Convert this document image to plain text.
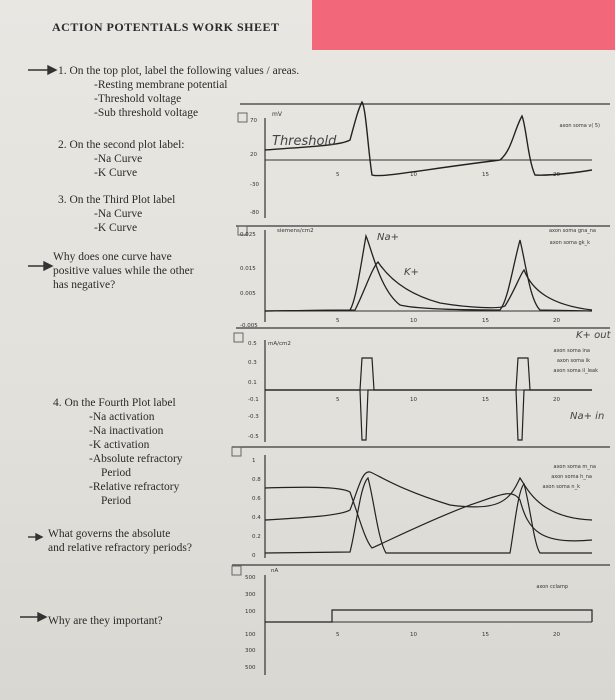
ACTION POTENTIALS WORK SHEET
1. On the top plot, label the following values / areas.
-Resting membrane potential
-Threshold voltage
-Sub threshold voltage
2. On the second plot label:
-Na Curve
-K Curve
3. On the Third Plot label
-Na Curve
-K Curve
Why does one curve have
positive values while the other
has negative?
4. On the Fourth Plot label
-Na activation
-Na inactivation
-K activation
-Absolute refractory
Period
-Relative refractory
Period
What governs the absolute
and relative refractory periods?
Why are they important?
70
20
-30
-80
0.025
0.015
0.005
-0.005
0.5
0.3
0.1
-0.1
-0.3
-0.5
1
0.8
0.6
0.4
0.2
0
500
300
100
100
300
500
mV
siemens/cm2
mA/cm2
nA
5	10	15	20
5	10	15	20
5	10	15	20
5	10	15	20
axon soma v( 5)
axon soma gna_na
axon soma gk_k
axon soma ina
axon soma ik
axon soma il_leak
axon soma m_na
axon soma h_na
axon soma n_k
axon cclamp
Threshold
Na+
K+
K+ out
Na+ in
